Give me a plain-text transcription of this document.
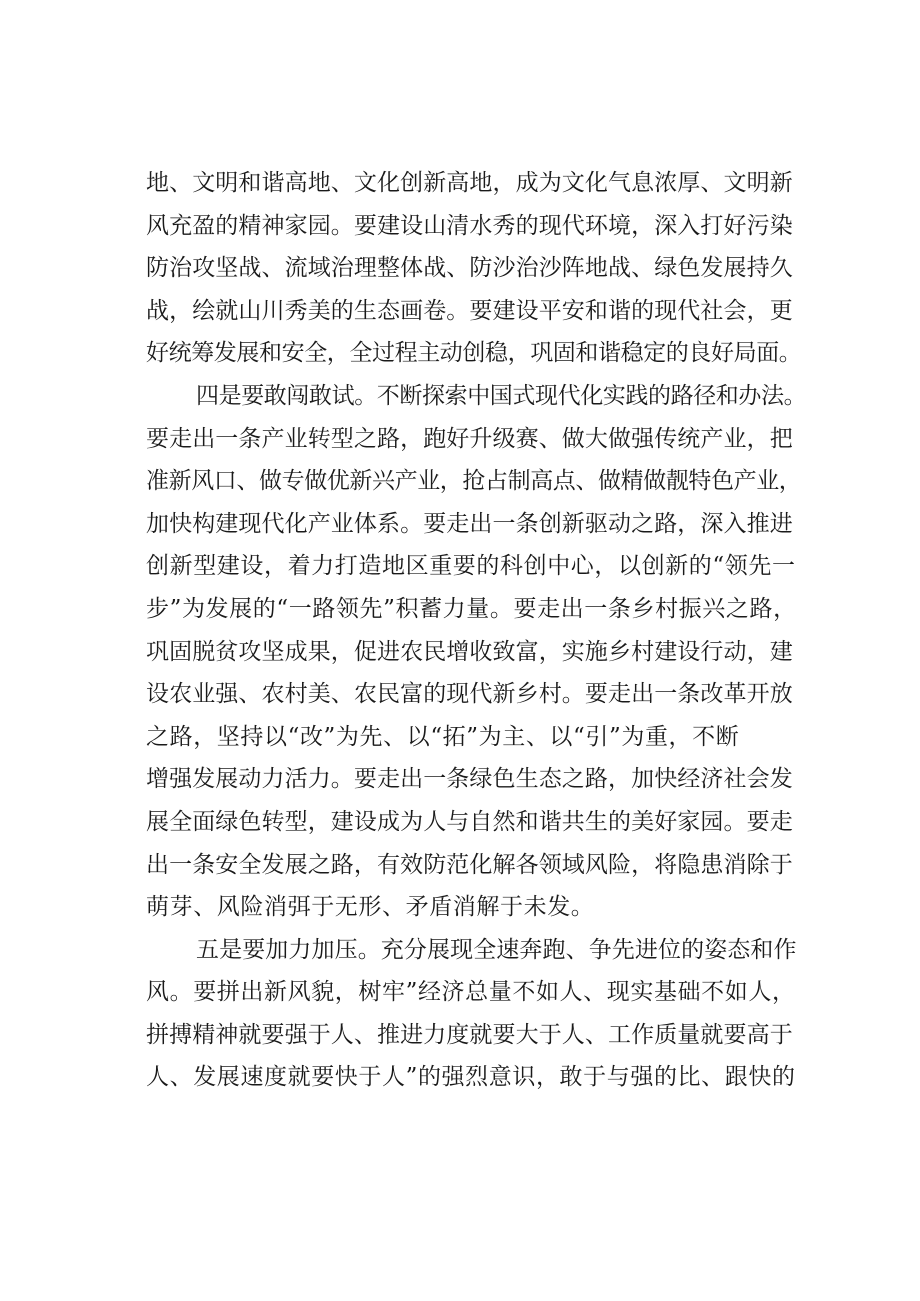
地、文明和谐高地、文化创新高地，成为文化气息浓厚、文明新
风充盈的精神家园。要建设山清水秀的现代环境，深入打好污染
防治攻坚战、流域治理整体战、防沙治沙阵地战、绿色发展持久
战，绘就山川秀美的生态画卷。要建设平安和谐的现代社会，更
好统筹发展和安全，全过程主动创稳，巩固和谐稳定的良好局面。
四是要敢闯敢试。不断探索中国式现代化实践的路径和办法。
要走出一条产业转型之路，跑好升级赛、做大做强传统产业，把
准新风口、做专做优新兴产业，抢占制高点、做精做靓特色产业，
加快构建现代化产业体系。要走出一条创新驱动之路，深入推进
创新型建设，着力打造地区重要的科创中心，以创新的“领先一
步”为发展的“一路领先”积蓄力量。要走出一条乡村振兴之路，
巩固脱贫攻坚成果，促进农民增收致富，实施乡村建设行动，建
设农业强、农村美、农民富的现代新乡村。要走出一条改革开放
之路，坚持以“改”为先、以“拓”为主、以“引”为重，不断
增强发展动力活力。要走出一条绿色生态之路，加快经济社会发
展全面绿色转型，建设成为人与自然和谐共生的美好家园。要走
出一条安全发展之路，有效防范化解各领域风险，将隐患消除于
萌芽、风险消弭于无形、矛盾消解于未发。
五是要加力加压。充分展现全速奔跑、争先进位的姿态和作
风。要拼出新风貌，树牢”经济总量不如人、现实基础不如人，
拼搏精神就要强于人、推进力度就要大于人、工作质量就要高于
人、发展速度就要快于人”的强烈意识，敢于与强的比、跟快的
